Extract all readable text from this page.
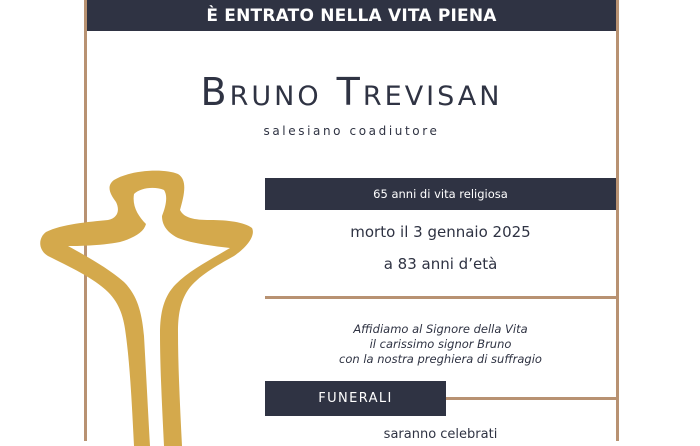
È ENTRATO NELLA VITA PIENA
Bruno Trevisan
salesiano coadiutore
65 anni di vita religiosa
morto il 3 gennaio 2025
a 83 anni d’età
Affidiamo al Signore della Vita
il carissimo signor Bruno
con la nostra preghiera di suffragio
FUNERALI
saranno celebrati
